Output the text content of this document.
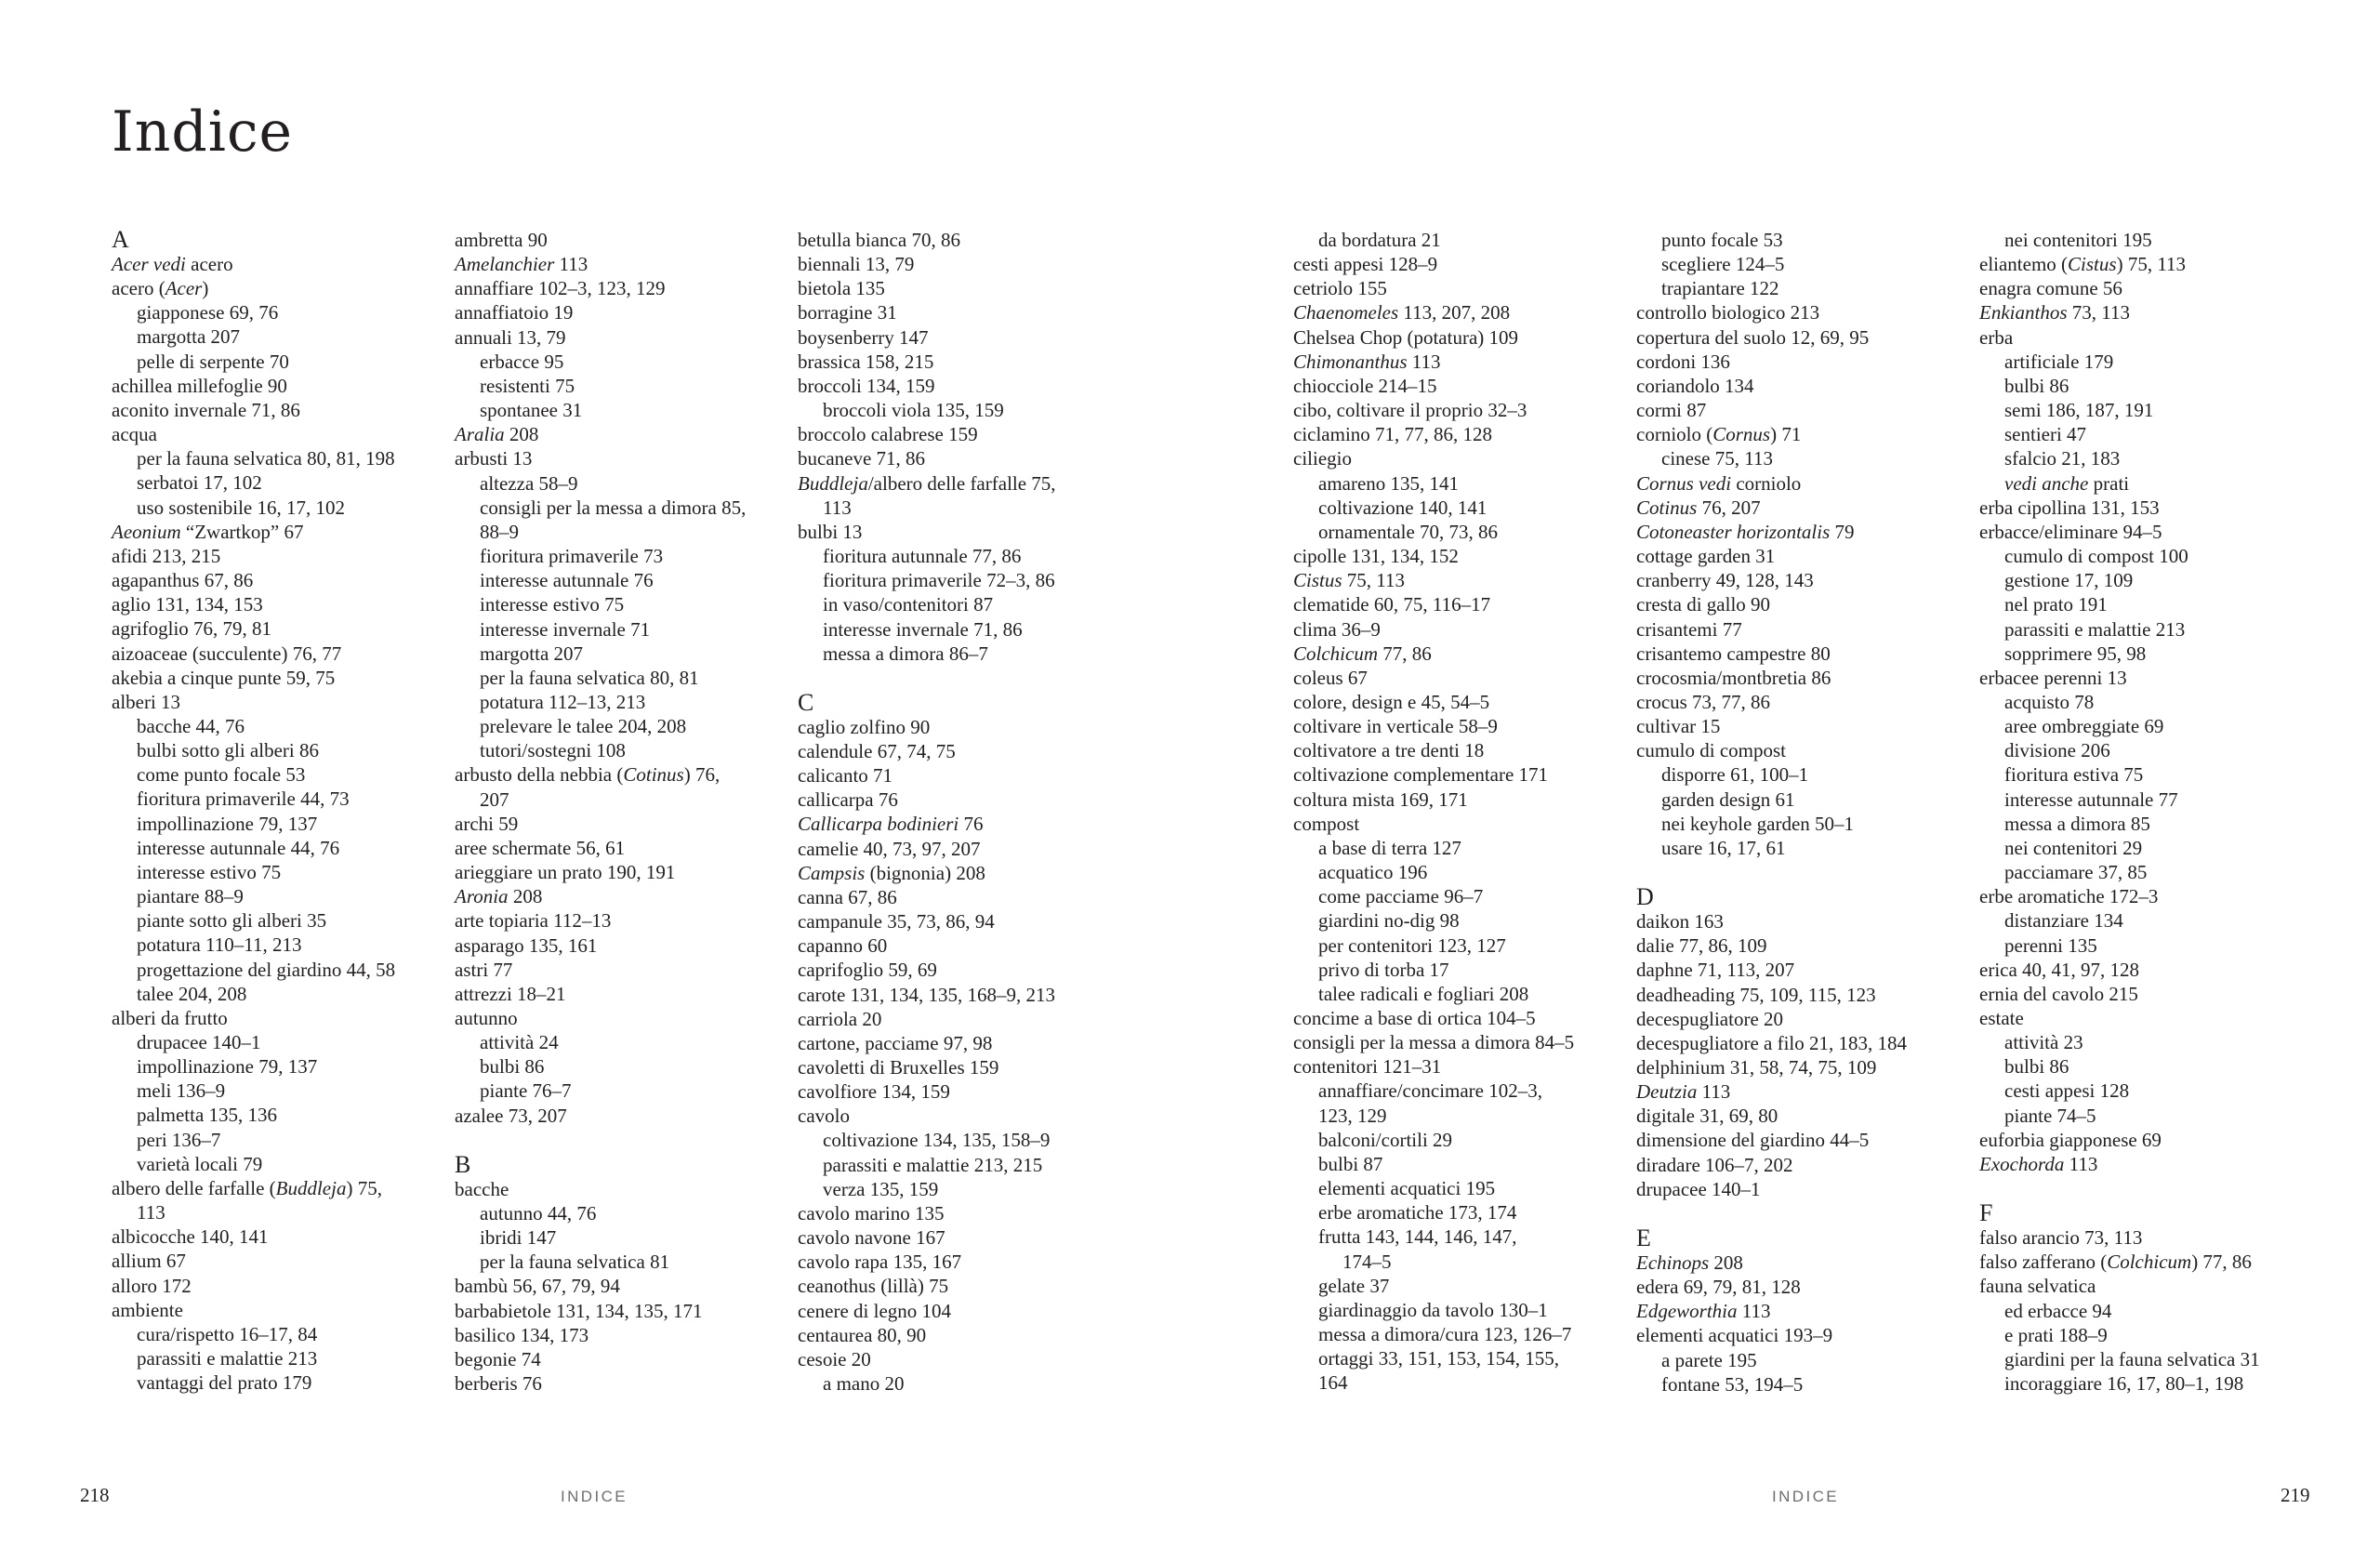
Indice
A
Acer vedi acero
acero (Acer)
giapponese 69, 76
margotta 207
pelle di serpente 70
achillea millefoglie 90
aconito invernale 71, 86
acqua
per la fauna selvatica 80, 81, 198
serbatoi 17, 102
uso sostenibile 16, 17, 102
Aeonium “Zwartkop” 67
afidi 213, 215
agapanthus 67, 86
aglio 131, 134, 153
agrifoglio 76, 79, 81
aizoaceae (succulente) 76, 77
akebia a cinque punte 59, 75
alberi 13
bacche 44, 76
bulbi sotto gli alberi 86
come punto focale 53
fioritura primaverile 44, 73
impollinazione 79, 137
interesse autunnale 44, 76
interesse estivo 75
piantare 88–9
piante sotto gli alberi 35
potatura 110–11, 213
progettazione del giardino 44, 58
talee 204, 208
alberi da frutto
drupacee 140–1
impollinazione 79, 137
meli 136–9
palmetta 135, 136
peri 136–7
varietà locali 79
albero delle farfalle (Buddleja) 75,
113
albicocche 140, 141
allium 67
alloro 172
ambiente
cura/rispetto 16–17, 84
parassiti e malattie 213
vantaggi del prato 179
ambretta 90
Amelanchier 113
annaffiare 102–3, 123, 129
annaffiatoio 19
annuali 13, 79
erbacce 95
resistenti 75
spontanee 31
Aralia 208
arbusti 13
altezza 58–9
consigli per la messa a dimora 85,
88–9
fioritura primaverile 73
interesse autunnale 76
interesse estivo 75
interesse invernale 71
margotta 207
per la fauna selvatica 80, 81
potatura 112–13, 213
prelevare le talee 204, 208
tutori/sostegni 108
arbusto della nebbia (Cotinus) 76,
207
archi 59
aree schermate 56, 61
arieggiare un prato 190, 191
Aronia 208
arte topiaria 112–13
asparago 135, 161
astri 77
attrezzi 18–21
autunno
attività 24
bulbi 86
piante 76–7
azalee 73, 207
B
bacche
autunno 44, 76
ibridi 147
per la fauna selvatica 81
bambù 56, 67, 79, 94
barbabietole 131, 134, 135, 171
basilico 134, 173
begonie 74
berberis 76
betulla bianca 70, 86
biennali 13, 79
bietola 135
borragine 31
boysenberry 147
brassica 158, 215
broccoli 134, 159
broccoli viola 135, 159
broccolo calabrese 159
bucaneve 71, 86
Buddleja/albero delle farfalle 75,
113
bulbi 13
fioritura autunnale 77, 86
fioritura primaverile 72–3, 86
in vaso/contenitori 87
interesse invernale 71, 86
messa a dimora 86–7
C
caglio zolfino 90
calendule 67, 74, 75
calicanto 71
callicarpa 76
Callicarpa bodinieri 76
camelie 40, 73, 97, 207
Campsis (bignonia) 208
canna 67, 86
campanule 35, 73, 86, 94
capanno 60
caprifoglio 59, 69
carote 131, 134, 135, 168–9, 213
carriola 20
cartone, pacciame 97, 98
cavoletti di Bruxelles 159
cavolfiore 134, 159
cavolo
coltivazione 134, 135, 158–9
parassiti e malattie 213, 215
verza 135, 159
cavolo marino 135
cavolo navone 167
cavolo rapa 135, 167
ceanothus (lillà) 75
cenere di legno 104
centaurea 80, 90
cesoie 20
a mano 20
da bordatura 21
cesti appesi 128–9
cetriolo 155
Chaenomeles 113, 207, 208
Chelsea Chop (potatura) 109
Chimonanthus 113
chiocciole 214–15
cibo, coltivare il proprio 32–3
ciclamino 71, 77, 86, 128
ciliegio
amareno 135, 141
coltivazione 140, 141
ornamentale 70, 73, 86
cipolle 131, 134, 152
Cistus 75, 113
clematide 60, 75, 116–17
clima 36–9
Colchicum 77, 86
coleus 67
colore, design e 45, 54–5
coltivare in verticale 58–9
coltivatore a tre denti 18
coltivazione complementare 171
coltura mista 169, 171
compost
a base di terra 127
acquatico 196
come pacciame 96–7
giardini no-dig 98
per contenitori 123, 127
privo di torba 17
talee radicali e fogliari 208
concime a base di ortica 104–5
consigli per la messa a dimora 84–5
contenitori 121–31
annaffiare/concimare 102–3,
123, 129
balconi/cortili 29
bulbi 87
elementi acquatici 195
erbe aromatiche 173, 174
frutta 143, 144, 146, 147,
174–5
gelate 37
giardinaggio da tavolo 130–1
messa a dimora/cura 123, 126–7
ortaggi 33, 151, 153, 154, 155,
164
punto focale 53
scegliere 124–5
trapiantare 122
controllo biologico 213
copertura del suolo 12, 69, 95
cordoni 136
coriandolo 134
cormi 87
corniolo (Cornus) 71
cinese 75, 113
Cornus vedi corniolo
Cotinus 76, 207
Cotoneaster horizontalis 79
cottage garden 31
cranberry 49, 128, 143
cresta di gallo 90
crisantemi 77
crisantemo campestre 80
crocosmia/montbretia 86
crocus 73, 77, 86
cultivar 15
cumulo di compost
disporre 61, 100–1
garden design 61
nei keyhole garden 50–1
usare 16, 17, 61
D
daikon 163
dalie 77, 86, 109
daphne 71, 113, 207
deadheading 75, 109, 115, 123
decespugliatore 20
decespugliatore a filo 21, 183, 184
delphinium 31, 58, 74, 75, 109
Deutzia 113
digitale 31, 69, 80
dimensione del giardino 44–5
diradare 106–7, 202
drupacee 140–1
E
Echinops 208
edera 69, 79, 81, 128
Edgeworthia 113
elementi acquatici 193–9
a parete 195
fontane 53, 194–5
nei contenitori 195
eliantemo (Cistus) 75, 113
enagra comune 56
Enkianthos 73, 113
erba
artificiale 179
bulbi 86
semi 186, 187, 191
sentieri 47
sfalcio 21, 183
vedi anche prati
erba cipollina 131, 153
erbacce/eliminare 94–5
cumulo di compost 100
gestione 17, 109
nel prato 191
parassiti e malattie 213
sopprimere 95, 98
erbacee perenni 13
acquisto 78
aree ombreggiate 69
divisione 206
fioritura estiva 75
interesse autunnale 77
messa a dimora 85
nei contenitori 29
pacciamare 37, 85
erbe aromatiche 172–3
distanziare 134
perenni 135
erica 40, 41, 97, 128
ernia del cavolo 215
estate
attività 23
bulbi 86
cesti appesi 128
piante 74–5
euforbia giapponese 69
Exochorda 113
F
falso arancio 73, 113
falso zafferano (Colchicum) 77, 86
fauna selvatica
ed erbacce 94
e prati 188–9
giardini per la fauna selvatica 31
incoraggiare 16, 17, 80–1, 198
218	INDICE	INDICE	219
